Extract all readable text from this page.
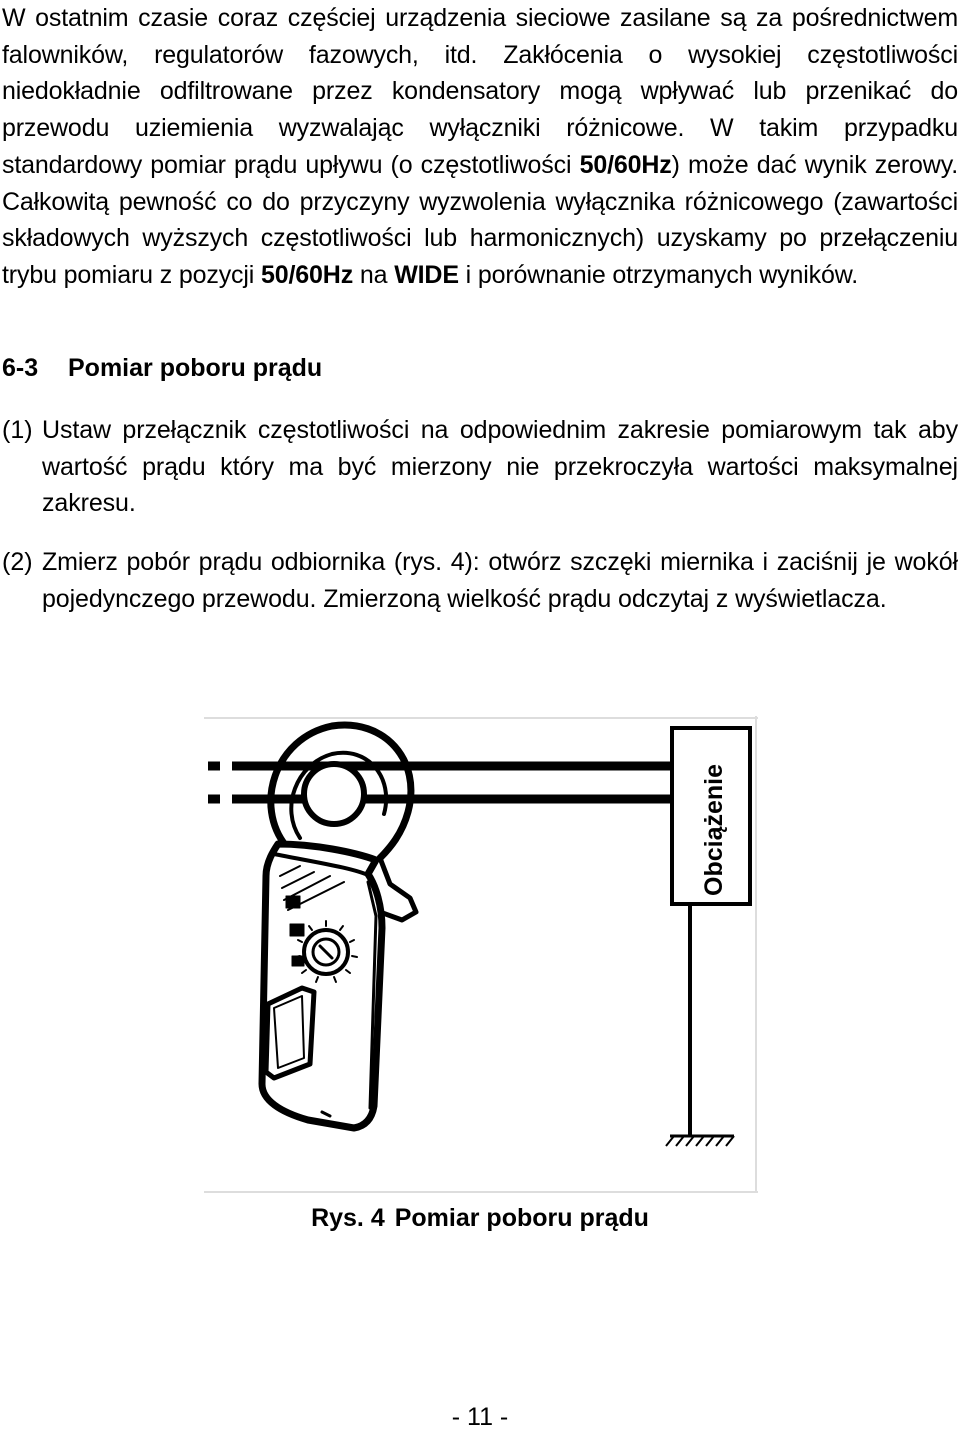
W ostatnim czasie coraz częściej urządzenia sieciowe zasilane są za pośrednictwem falowników, regulatorów fazowych, itd. Zakłócenia o wysokiej częstotliwości niedokładnie odfiltrowane przez kondensatory mogą wpływać lub przenikać do przewodu uziemienia wyzwalając wyłączniki różnicowe. W takim przypadku standardowy pomiar prądu upływu (o częstotliwości 50/60Hz) może dać wynik zerowy. Całkowitą pewność co do przyczyny wyzwolenia wyłącznika różnicowego (zawartości składowych wyższych częstotliwości lub harmonicznych) uzyskamy po przełączeniu trybu pomiaru z pozycji 50/60Hz na WIDE i porównanie otrzymanych wyników.
6-3 Pomiar poboru prądu
(1) Ustaw przełącznik częstotliwości na odpowiednim zakresie pomiarowym tak aby wartość prądu który ma być mierzony nie przekroczyła wartości maksymalnej zakresu.
(2) Zmierz pobór prądu odbiornika (rys. 4): otwórz szczęki miernika i zaciśnij je wokół pojedynczego przewodu. Zmierzoną wielkość prądu odczytaj z wyświetlacza.
Obciążenie
Rys. 4 Pomiar poboru prądu
- 11 -
